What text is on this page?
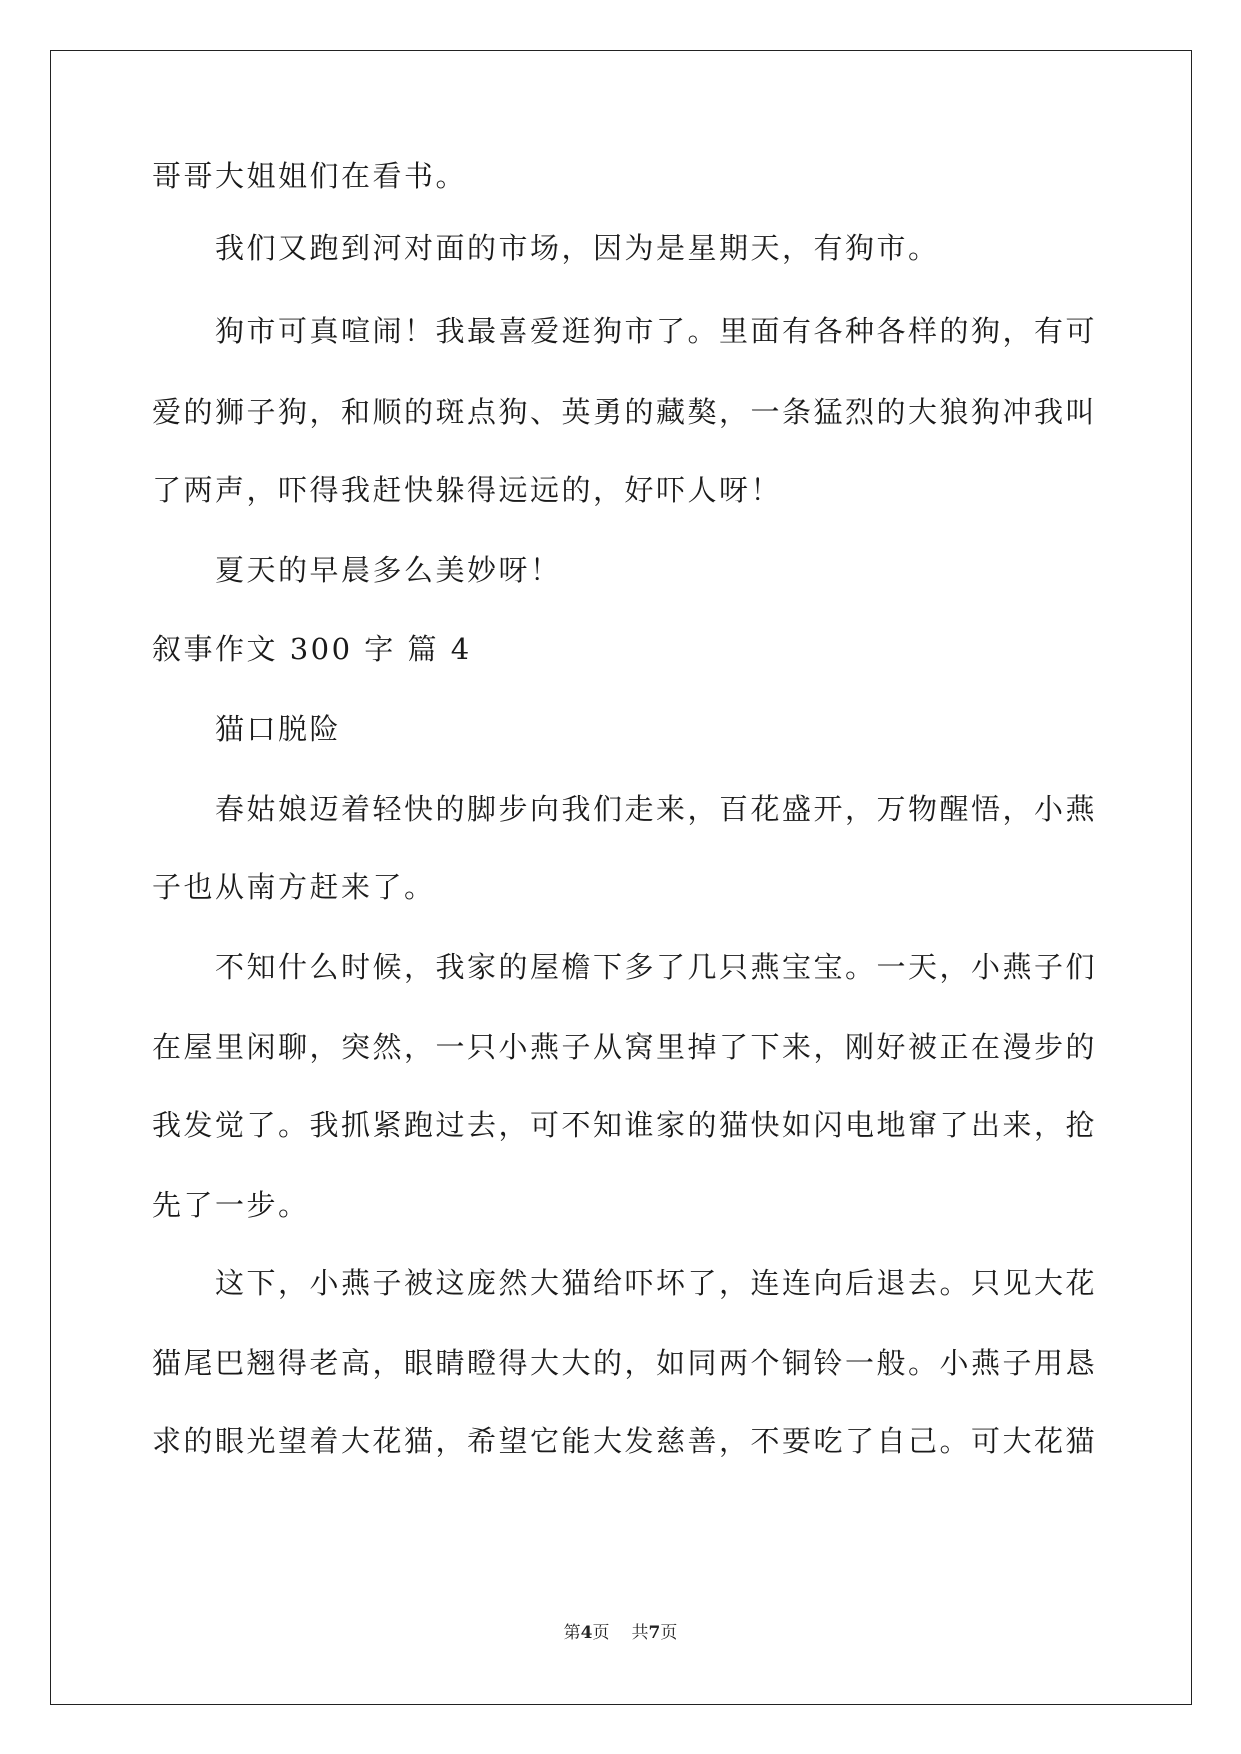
哥哥大姐姐们在看书。
　　我们又跑到河对面的市场，因为是星期天，有狗市。
　　狗市可真喧闹！我最喜爱逛狗市了。里面有各种各样的狗，有可
爱的狮子狗，和顺的斑点狗、英勇的藏獒，一条猛烈的大狼狗冲我叫
了两声，吓得我赶快躲得远远的，好吓人呀！
　　夏天的早晨多么美妙呀！
叙事作文 300 字 篇 4
　　猫口脱险
　　春姑娘迈着轻快的脚步向我们走来，百花盛开，万物醒悟，小燕
子也从南方赶来了。
　　不知什么时候，我家的屋檐下多了几只燕宝宝。一天，小燕子们
在屋里闲聊，突然，一只小燕子从窝里掉了下来，刚好被正在漫步的
我发觉了。我抓紧跑过去，可不知谁家的猫快如闪电地窜了出来，抢
先了一步。
　　这下，小燕子被这庞然大猫给吓坏了，连连向后退去。只见大花
猫尾巴翘得老高，眼睛瞪得大大的，如同两个铜铃一般。小燕子用恳
求的眼光望着大花猫，希望它能大发慈善，不要吃了自己。可大花猫
第4页 共7页
